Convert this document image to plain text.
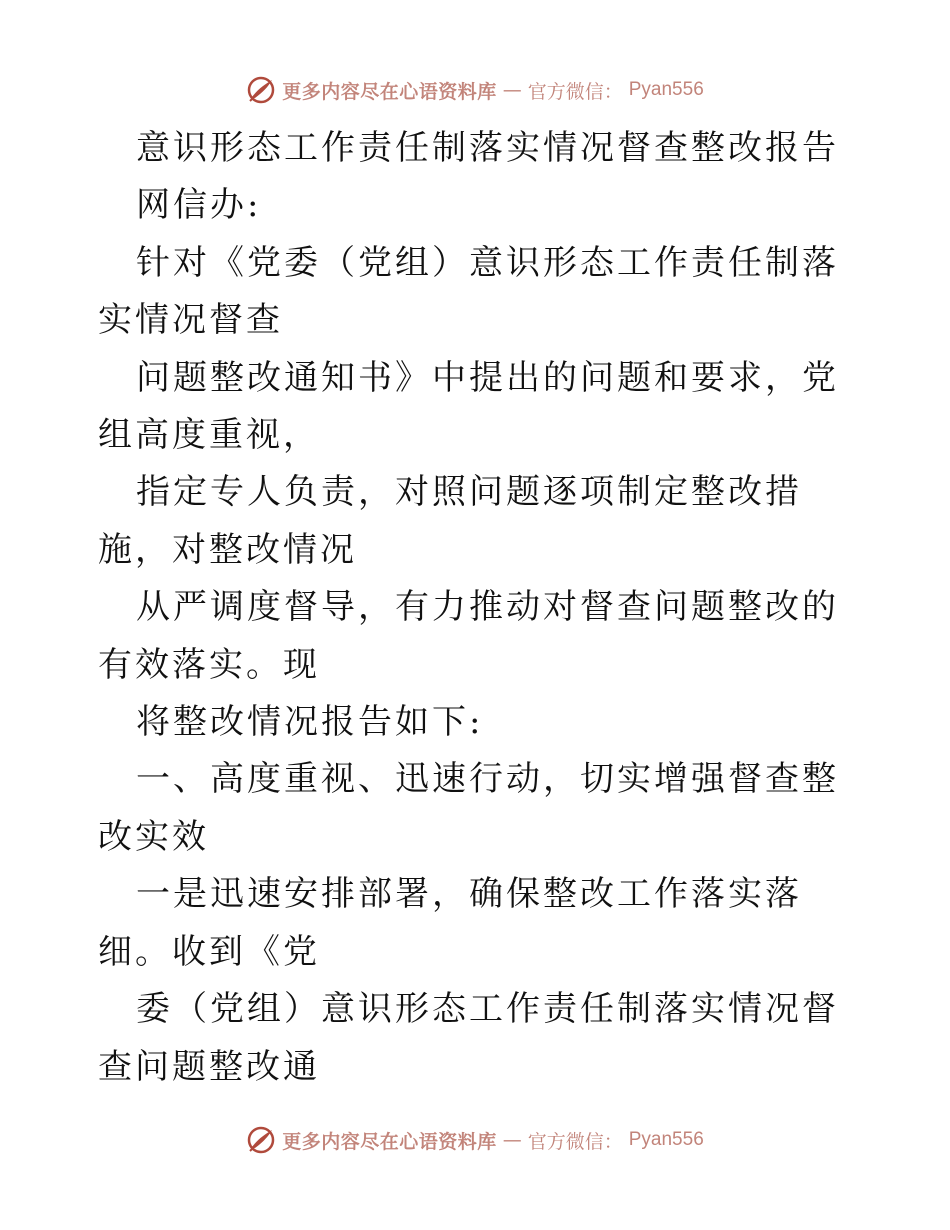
更多内容尽在心语资料库 — 官方微信： Pyan556

意识形态工作责任制落实情况督查整改报告

网信办:

针对《党委（党组）意识形态工作责任制落实情况督查

问题整改通知书》中提出的问题和要求，党组高度重视，

指定专人负责，对照问题逐项制定整改措施，对整改情况

从严调度督导，有力推动对督查问题整改的有效落实。现

将整改情况报告如下:

一、高度重视、迅速行动，切实增强督查整改实效

一是迅速安排部署，确保整改工作落实落细。收到《党

委（党组）意识形态工作责任制落实情况督查问题整改通

更多内容尽在心语资料库 — 官方微信： Pyan556
